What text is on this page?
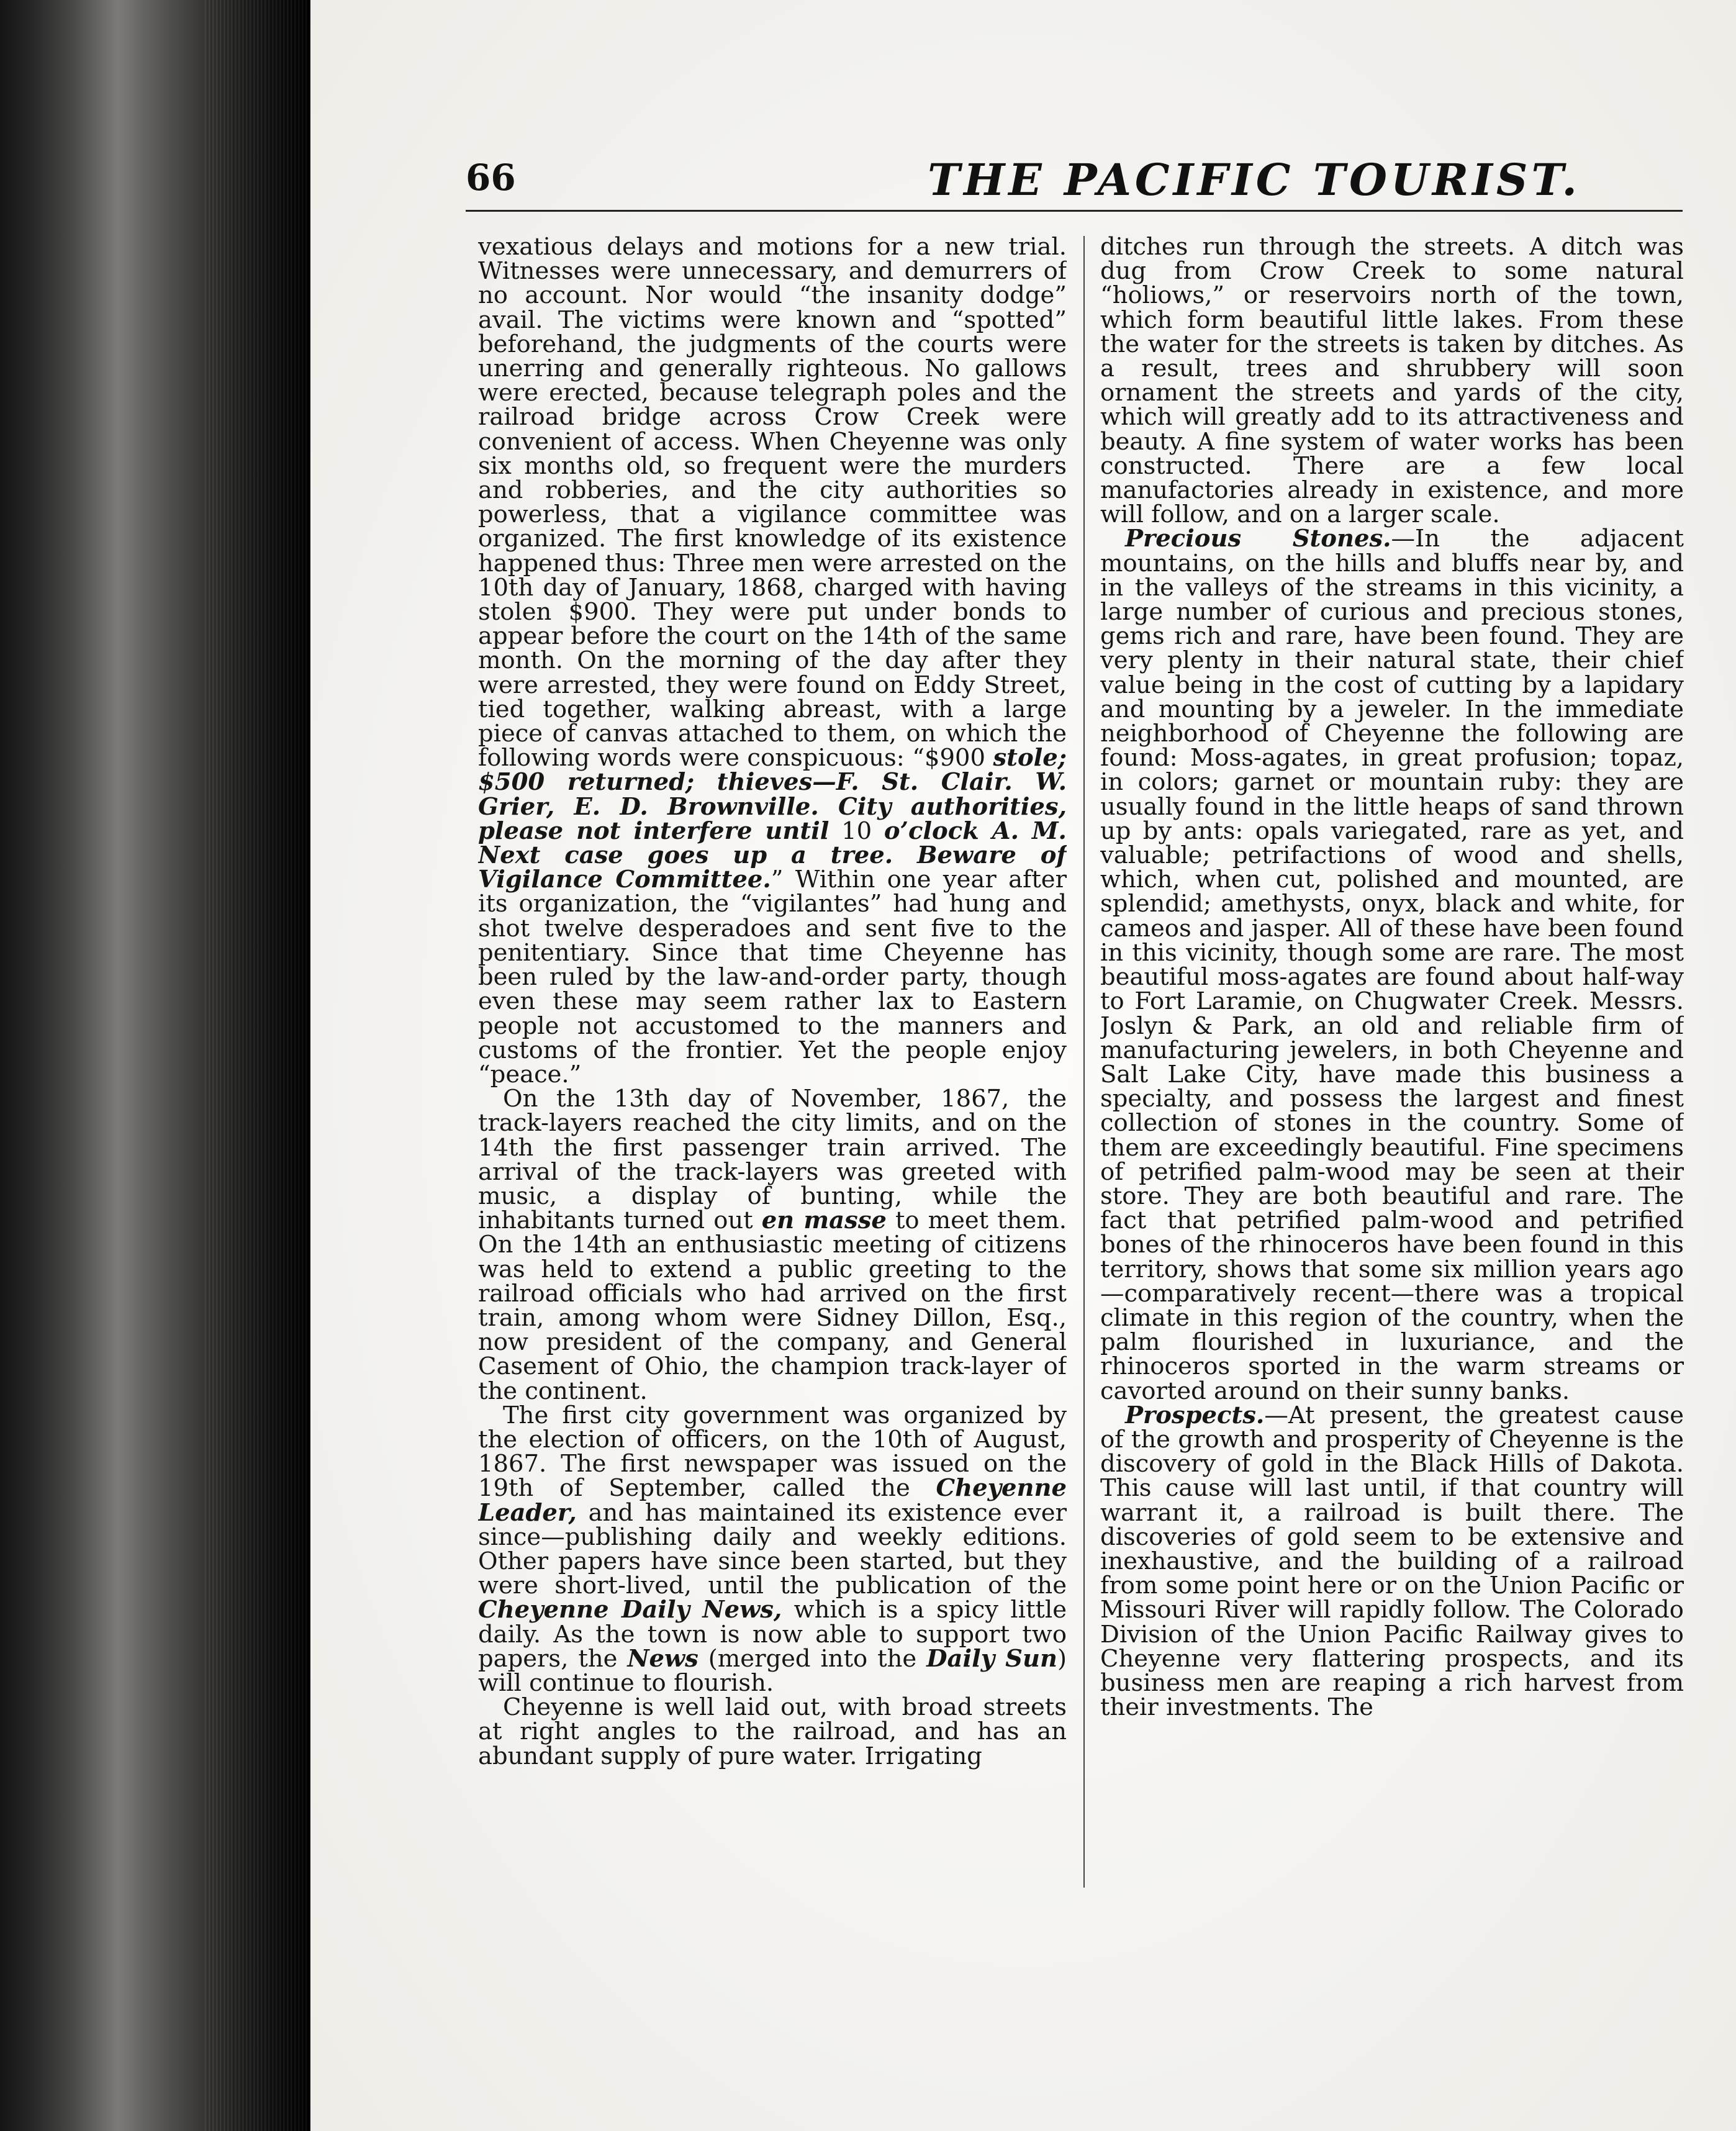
66	THE PACIFIC TOURIST.

vexatious delays and motions for a new trial. Witnesses were unnecessary, and demurrers of no account. Nor would “the insanity dodge” avail. The victims were known and “spotted” beforehand, the judgments of the courts were unerring and generally righteous. No gallows were erected, because telegraph poles and the railroad bridge across Crow Creek were convenient of access. When Cheyenne was only six months old, so frequent were the murders and robberies, and the city authorities so powerless, that a vigilance committee was organized. The first knowledge of its existence happened thus: Three men were arrested on the 10th day of January, 1868, charged with having stolen $900. They were put under bonds to appear before the court on the 14th of the same month. On the morning of the day after they were arrested, they were found on Eddy Street, tied together, walking abreast, with a large piece of canvas attached to them, on which the following words were conspicuous: “$900 stole; $500 returned; thieves—F. St. Clair. W. Grier, E. D. Brownville. City authorities, please not interfere until 10 o’clock A. M. Next case goes up a tree. Beware of Vigilance Committee.” Within one year after its organization, the “vigilantes” had hung and shot twelve desperadoes and sent five to the penitentiary. Since that time Cheyenne has been ruled by the law-and-order party, though even these may seem rather lax to Eastern people not accustomed to the manners and customs of the frontier. Yet the people enjoy “peace.”

On the 13th day of November, 1867, the track-layers reached the city limits, and on the 14th the first passenger train arrived. The arrival of the track-layers was greeted with music, a display of bunting, while the inhabitants turned out en masse to meet them. On the 14th an enthusiastic meeting of citizens was held to extend a public greeting to the railroad officials who had arrived on the first train, among whom were Sidney Dillon, Esq., now president of the company, and General Casement of Ohio, the champion track-layer of the continent.

The first city government was organized by the election of officers, on the 10th of August, 1867. The first newspaper was issued on the 19th of September, called the Cheyenne Leader, and has maintained its existence ever since—publishing daily and weekly editions. Other papers have since been started, but they were short-lived, until the publication of the Cheyenne Daily News, which is a spicy little daily. As the town is now able to support two papers, the News (merged into the Daily Sun) will continue to flourish.

Cheyenne is well laid out, with broad streets at right angles to the railroad, and has an abundant supply of pure water. Irrigating

ditches run through the streets. A ditch was dug from Crow Creek to some natural “holiows,” or reservoirs north of the town, which form beautiful little lakes. From these the water for the streets is taken by ditches. As a result, trees and shrubbery will soon ornament the streets and yards of the city, which will greatly add to its attractiveness and beauty. A fine system of water works has been constructed. There are a few local manufactories already in existence, and more will follow, and on a larger scale.

Precious Stones.—In the adjacent mountains, on the hills and bluffs near by, and in the valleys of the streams in this vicinity, a large number of curious and precious stones, gems rich and rare, have been found. They are very plenty in their natural state, their chief value being in the cost of cutting by a lapidary and mounting by a jeweler. In the immediate neighborhood of Cheyenne the following are found: Moss-agates, in great profusion; topaz, in colors; garnet or mountain ruby: they are usually found in the little heaps of sand thrown up by ants: opals variegated, rare as yet, and valuable; petrifactions of wood and shells, which, when cut, polished and mounted, are splendid; amethysts, onyx, black and white, for cameos and jasper. All of these have been found in this vicinity, though some are rare. The most beautiful moss-agates are found about half-way to Fort Laramie, on Chugwater Creek. Messrs. Joslyn & Park, an old and reliable firm of manufacturing jewelers, in both Cheyenne and Salt Lake City, have made this business a specialty, and possess the largest and finest collection of stones in the country. Some of them are exceedingly beautiful. Fine specimens of petrified palm-wood may be seen at their store. They are both beautiful and rare. The fact that petrified palm-wood and petrified bones of the rhinoceros have been found in this territory, shows that some six million years ago—comparatively recent—there was a tropical climate in this region of the country, when the palm flourished in luxuriance, and the rhinoceros sported in the warm streams or cavorted around on their sunny banks.

Prospects.—At present, the greatest cause of the growth and prosperity of Cheyenne is the discovery of gold in the Black Hills of Dakota. This cause will last until, if that country will warrant it, a railroad is built there. The discoveries of gold seem to be extensive and inexhaustive, and the building of a railroad from some point here or on the Union Pacific or Missouri River will rapidly follow. The Colorado Division of the Union Pacific Railway gives to Cheyenne very flattering prospects, and its business men are reaping a rich harvest from their investments. The
